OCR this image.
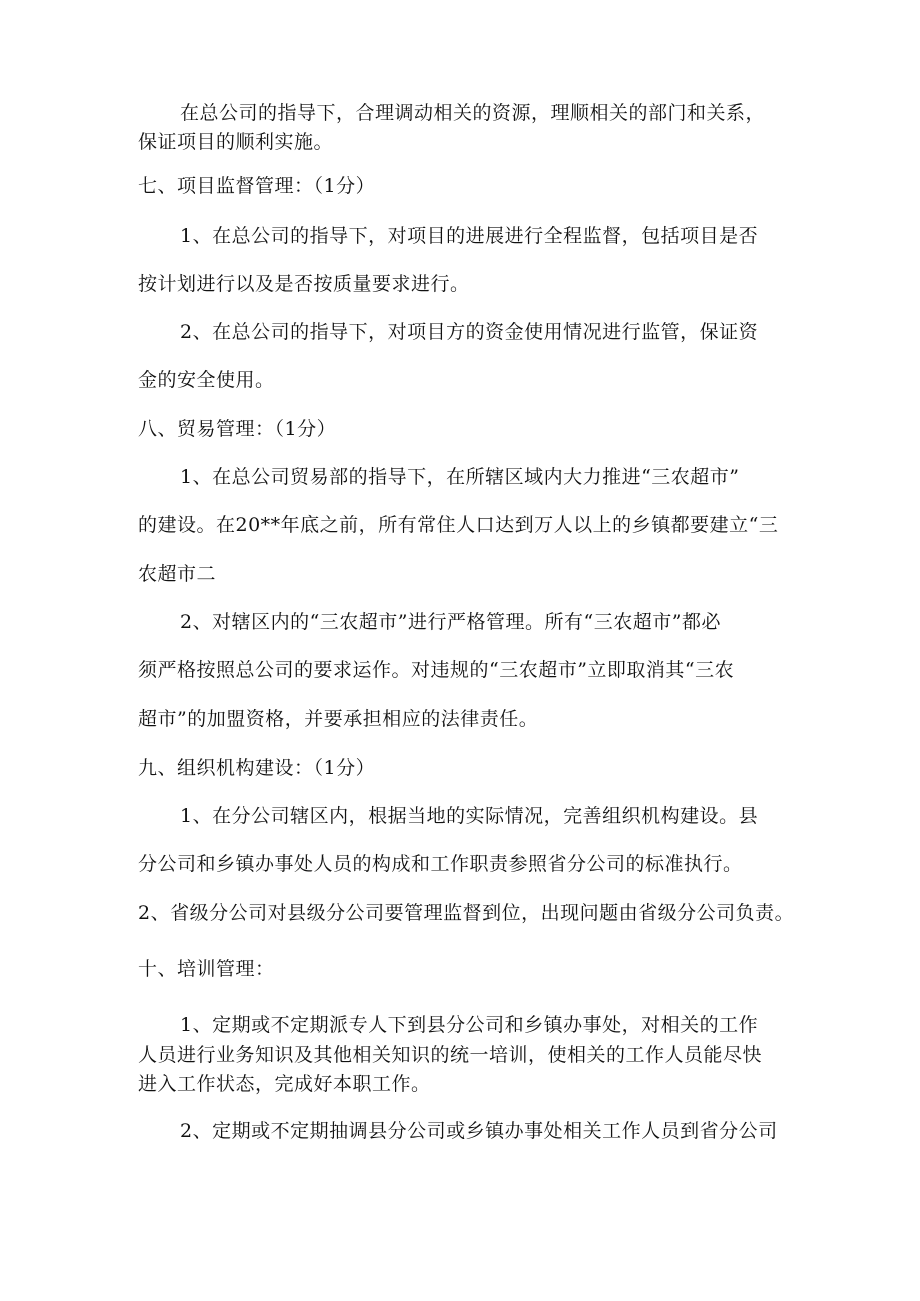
在总公司的指导下，合理调动相关的资源，理顺相关的部门和关系，
保证项目的顺利实施。
七、项目监督管理：（1分）
1、在总公司的指导下，对项目的进展进行全程监督，包括项目是否
按计划进行以及是否按质量要求进行。
2、在总公司的指导下，对项目方的资金使用情况进行监管，保证资
金的安全使用。
八、贸易管理：（1分）
1、在总公司贸易部的指导下，在所辖区域内大力推进“三农超市”
的建设。在20**年底之前，所有常住人口达到万人以上的乡镇都要建立“三
农超市二
2、对辖区内的“三农超市”进行严格管理。所有“三农超市”都必
须严格按照总公司的要求运作。对违规的“三农超市”立即取消其“三农
超市”的加盟资格，并要承担相应的法律责任。
九、组织机构建设：（1分）
1、在分公司辖区内，根据当地的实际情况，完善组织机构建设。县
分公司和乡镇办事处人员的构成和工作职责参照省分公司的标准执行。
2、省级分公司对县级分公司要管理监督到位，出现问题由省级分公司负责。
十、培训管理：
1、定期或不定期派专人下到县分公司和乡镇办事处，对相关的工作
人员进行业务知识及其他相关知识的统一培训，使相关的工作人员能尽快
进入工作状态，完成好本职工作。
2、定期或不定期抽调县分公司或乡镇办事处相关工作人员到省分公司
